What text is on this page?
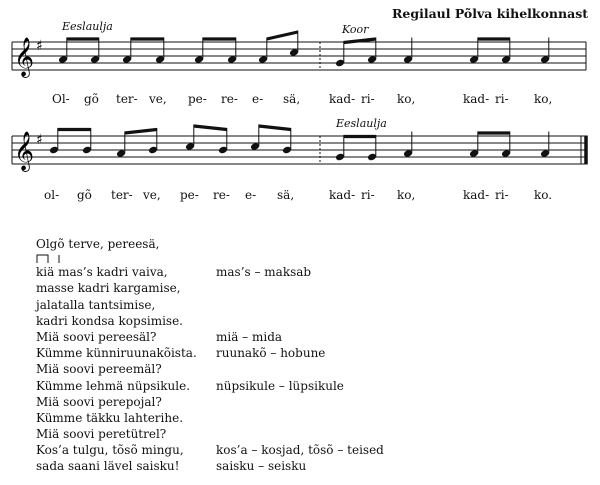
Regilaul Põlva kihelkonnast
𝄞 ♯
𝄞 ♯
Eeslaulja	Koor
Eeslaulja
Ol- gõ ter- ve, pe- re- e- sä, kad- ri- ko,	kad- ri- ko,
ol- gõ ter- ve, pe- re- e- sä,	kad- ri- ko,	kad- ri- ko.
Olgõ terve, pereesä,
kiä mas’s kadri vaiva,	mas’s – maksab
masse kadri kargamise,
jalatalla tantsimise,
kadri kondsa kopsimise.
Miä soovi pereesäl?	miä – mida
Kümme künniruunakõista. ruunakõ – hobune
Miä soovi pereemäl?
Kümme lehmä nüpsikule. nüpsikule – lüpsikule
Miä soovi perepojal?
Kümme täkku lahterihe.
Miä soovi peretütrel?
Kos’a tulgu, tõsõ mingu,	kos’a – kosjad, tõsõ – teised
sada saani lävel saisku!	saisku – seisku
